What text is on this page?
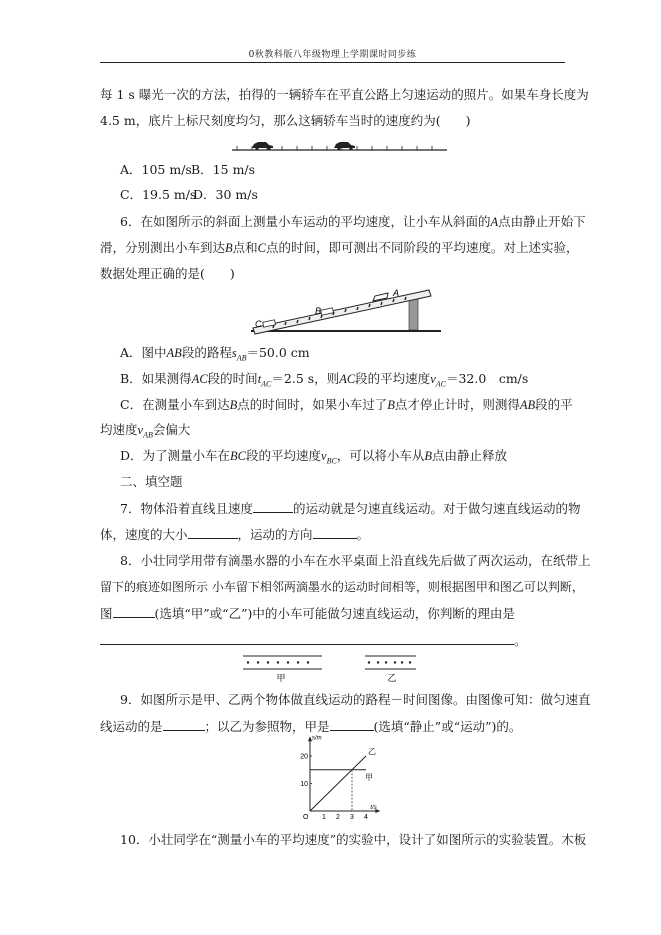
0秋教科版八年级物理上学期课时同步练
每 1 s 曝光一次的方法，拍得的一辆轿车在平直公路上匀速运动的照片。如果车身长度为
4.5 m，底片上标尺刻度均匀，那么这辆轿车当时的速度约为(  )
A．105 m/s B．15 m/s
C．19.5 m/s
D．30 m/s
6．在如图所示的斜面上测量小车运动的平均速度，让小车从斜面的A点由静止开始下
滑，分别测出小车到达B点和C点的时间，即可测出不同阶段的平均速度。对上述实验，
数据处理正确的是(  )
C
B
A
A．图中AB段的路程$s_{AB}=50.0$ cm
B．如果测得AC段的时间$t_{AC}=2.5$ s，则AC段的平均速度$v_{AC}=32.0$ cm/s
C．在测量小车到达B点的时间时，如果小车过了B点才停止计时，则测得AB段的平
均速度$v_{AB}$会偏大
D．为了测量小车在BC段的平均速度$v_{BC}$，可以将小车从B点由静止释放
二、填空题
7．物体沿着直线且速度	的运动就是匀速直线运动。对于做匀速直线运动的物
体，速度的大小	，运动的方向	。
8．小壮同学用带有滴墨水器的小车在水平桌面上沿直线先后做了两次运动，在纸带上
留下的痕迹如图所示 小车留下相邻两滴墨水的运动时间相等，则根据图甲和图乙可以判断，
图	(选填“甲”或“乙”)中的小车可能做匀速直线运动，你判断的理由是
。
甲	乙
9．如图所示是甲、乙两个物体做直线运动的路程－时间图像。由图像可知：做匀速直
线运动的是	；以乙为参照物，甲是	(选填“静止”或“运动”)的。
s/m
t/s
O 1 2 3 4
10
20
乙
甲
10．小壮同学在“测量小车的平均速度”的实验中，设计了如图所示的实验装置。木板
